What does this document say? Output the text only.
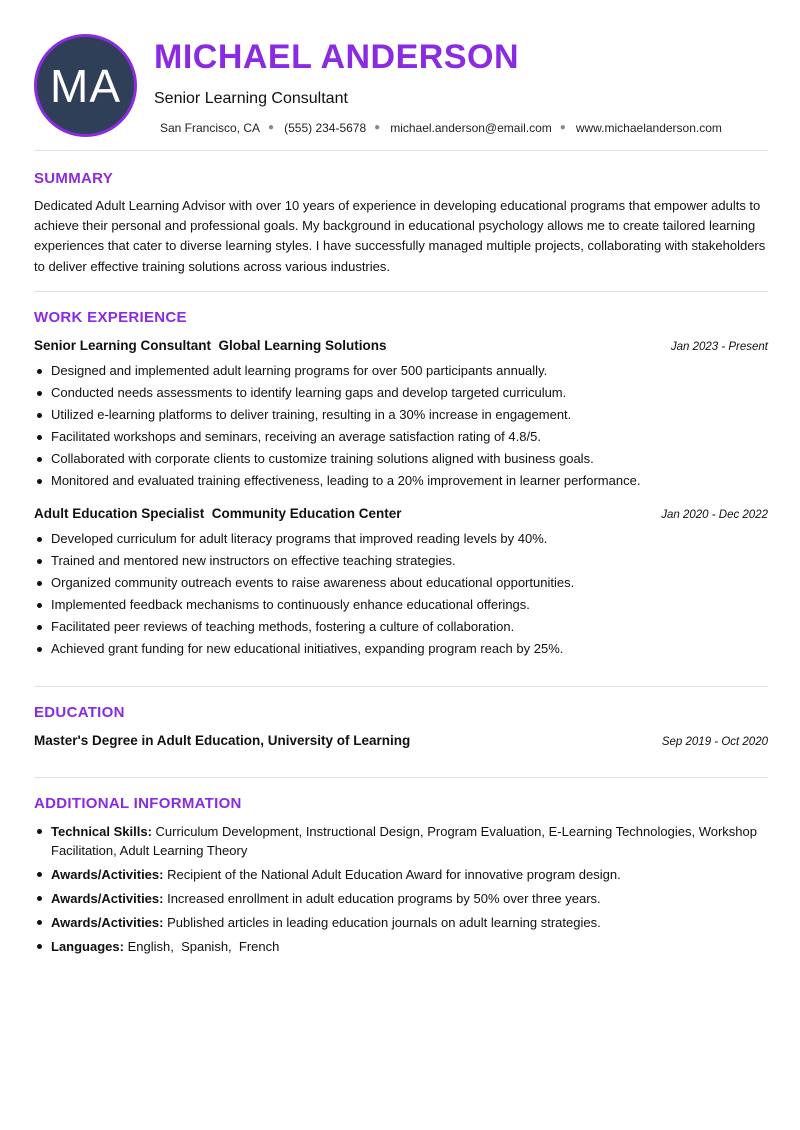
MA
MICHAEL ANDERSON
Senior Learning Consultant
San Francisco, CA ● (555) 234-5678 ● michael.anderson@email.com ● www.michaelanderson.com
SUMMARY
Dedicated Adult Learning Advisor with over 10 years of experience in developing educational programs that empower adults to achieve their personal and professional goals. My background in educational psychology allows me to create tailored learning experiences that cater to diverse learning styles. I have successfully managed multiple projects, collaborating with stakeholders to deliver effective training solutions across various industries.
WORK EXPERIENCE
Senior Learning Consultant  Global Learning Solutions	Jan 2023 - Present
Designed and implemented adult learning programs for over 500 participants annually.
Conducted needs assessments to identify learning gaps and develop targeted curriculum.
Utilized e-learning platforms to deliver training, resulting in a 30% increase in engagement.
Facilitated workshops and seminars, receiving an average satisfaction rating of 4.8/5.
Collaborated with corporate clients to customize training solutions aligned with business goals.
Monitored and evaluated training effectiveness, leading to a 20% improvement in learner performance.
Adult Education Specialist  Community Education Center	Jan 2020 - Dec 2022
Developed curriculum for adult literacy programs that improved reading levels by 40%.
Trained and mentored new instructors on effective teaching strategies.
Organized community outreach events to raise awareness about educational opportunities.
Implemented feedback mechanisms to continuously enhance educational offerings.
Facilitated peer reviews of teaching methods, fostering a culture of collaboration.
Achieved grant funding for new educational initiatives, expanding program reach by 25%.
EDUCATION
Master's Degree in Adult Education, University of Learning	Sep 2019 - Oct 2020
ADDITIONAL INFORMATION
Technical Skills: Curriculum Development, Instructional Design, Program Evaluation, E-Learning Technologies, Workshop Facilitation, Adult Learning Theory
Awards/Activities: Recipient of the National Adult Education Award for innovative program design.
Awards/Activities: Increased enrollment in adult education programs by 50% over three years.
Awards/Activities: Published articles in leading education journals on adult learning strategies.
Languages: English,  Spanish,  French
